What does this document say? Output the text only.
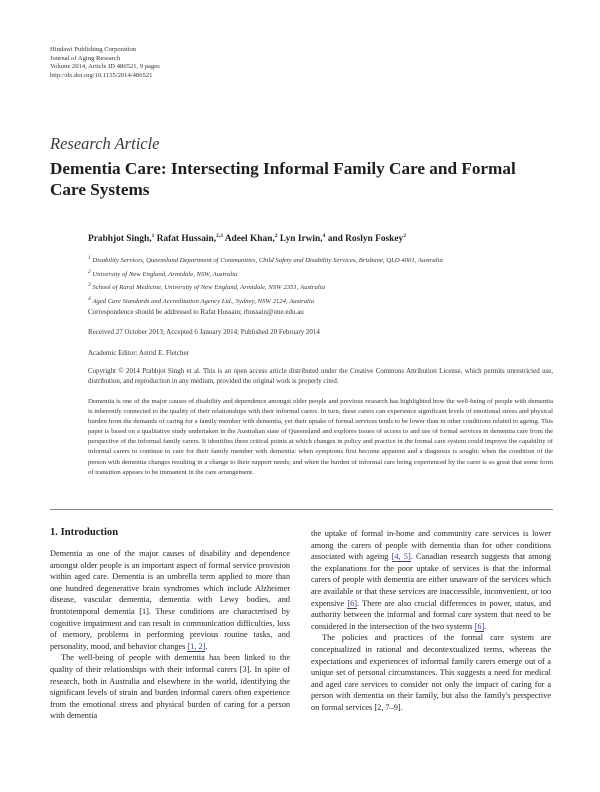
Hindawi Publishing Corporation
Journal of Aging Research
Volume 2014, Article ID 486521, 9 pages
http://dx.doi.org/10.1155/2014/486521
Research Article
Dementia Care: Intersecting Informal Family Care and Formal Care Systems
Prabhjot Singh,$^1$ Rafat Hussain,$^{2,3}$ Adeel Khan,$^2$ Lyn Irwin,$^4$ and Roslyn Foskey$^2$
$^1$ Disability Services, Queensland Department of Communities, Child Safety and Disability Services, Brisbane, QLD 4001, Australia
$^2$ University of New England, Armidale, NSW, Australia
$^3$ School of Rural Medicine, University of New England, Armidale, NSW 2351, Australia
$^4$ Aged Care Standards and Accreditation Agency Ltd., Sydney, NSW 2124, Australia
Correspondence should be addressed to Rafat Hussain; rhussain@une.edu.au
Received 27 October 2013; Accepted 6 January 2014; Published 20 February 2014
Academic Editor: Astrid E. Fletcher
Copyright © 2014 Prabhjot Singh et al. This is an open access article distributed under the Creative Commons Attribution License, which permits unrestricted use, distribution, and reproduction in any medium, provided the original work is properly cited.
Dementia is one of the major causes of disability and dependence amongst older people and previous research has highlighted how the well-being of people with dementia is inherently connected to the quality of their relationships with their informal carers. In turn, these carers can experience significant levels of emotional stress and physical burden from the demands of caring for a family member with dementia, yet their uptake of formal services tends to be lower than in other conditions related to ageing. This paper is based on a qualitative study undertaken in the Australian state of Queensland and explores issues of access to and use of formal services in dementia care from the perspective of the informal family carers. It identifies three critical points at which changes in policy and practice in the formal care system could improve the capability of informal carers to continue to care for their family member with dementia: when symptoms first become apparent and a diagnosis is sought; when the condition of the person with dementia changes resulting in a change to their support needs; and when the burden of informal care being experienced by the carer is so great that some form of transition appears to be immanent in the care arrangement.
1. Introduction

Dementia as one of the major causes of disability and dependence amongst older people is an important aspect of formal service provision within aged care. Dementia is an umbrella term applied to more than one hundred degenerative brain syndromes which include Alzheimer disease, vascular dementia, dementia with Lewy bodies, and frontotemporal dementia [1]. These conditions are characterised by cognitive impairment and can result in communication difficulties, loss of memory, problems in performing previous routine tasks, and personality, mood, and behavior changes [1, 2].

The well-being of people with dementia has been linked to the quality of their relationships with their informal carers [3]. In spite of research, both in Australia and elsewhere in the world, identifying the significant levels of strain and burden informal carers often experience from the emotional stress and physical burden of caring for a person with dementia

the uptake of formal in-home and community care services is lower among the carers of people with dementia than for other conditions associated with ageing [4, 5]. Canadian research suggests that among the explanations for the poor uptake of services is that the informal carers of people with dementia are either unaware of the services which are available or that these services are inaccessible, inconvenient, or too expensive [6]. There are also crucial differences in power, status, and authority between the informal and formal care system that need to be considered in the intersection of the two systems [6].

The policies and practices of the formal care system are conceptualized in rational and decontextualized terms, whereas the expectations and experiences of informal family carers emerge out of a unique set of personal circumstances. This suggests a need for medical and aged care services to consider not only the impact of caring for a person with dementia on their family, but also the family's perspective on formal services [2, 7–9].
